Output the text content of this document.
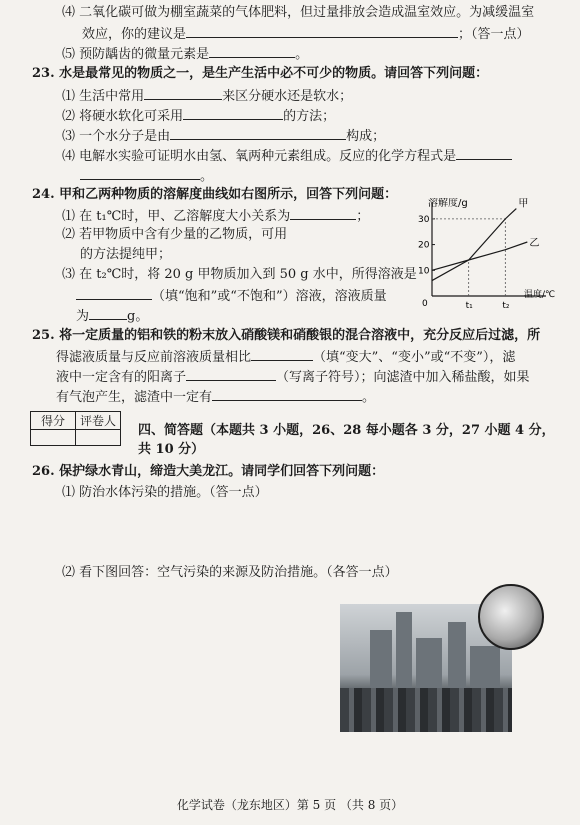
⑷ 二氧化碳可做为棚室蔬菜的气体肥料，但过量排放会造成温室效应。为减缓温室
效应，你的建议是	；（答一点）
⑸ 预防龋齿的微量元素是	。
23. 水是最常见的物质之一，是生产生活中必不可少的物质。请回答下列问题：
⑴ 生活中常用	来区分硬水还是软水；
⑵ 将硬水软化可采用	的方法；
⑶ 一个水分子是由	构成；
⑷ 电解水实验可证明水由氢、氧两种元素组成。反应的化学方程式是
。
24. 甲和乙两种物质的溶解度曲线如右图所示，回答下列问题：
⑴ 在 t₁℃时，甲、乙溶解度大小关系为	；
⑵ 若甲物质中含有少量的乙物质，可用
的方法提纯甲；
⑶ 在 t₂℃时，将 20 g 甲物质加入到 50 g 水中，所得溶液是
（填“饱和”或“不饱和”）溶液，溶液质量
为	g。
溶解度/g
温度/℃
30
20
10
0	t₁	t₂
甲
乙
25. 将一定质量的铝和铁的粉末放入硝酸镁和硝酸银的混合溶液中，充分反应后过滤，所
得滤液质量与反应前溶液质量相比	（填“变大”、“变小”或“不变”），滤
液中一定含有的阳离子	（写离子符号）；向滤渣中加入稀盐酸，如果
有气泡产生，滤渣中一定有	。
得分	评卷人

四、简答题（本题共 3 小题，26、28 每小题各 3 分，27 小题 4 分，
共 10 分）
26. 保护绿水青山，缔造大美龙江。请同学们回答下列问题：
⑴ 防治水体污染的措施。（答一点）
⑵ 看下图回答：空气污染的来源及防治措施。（各答一点）
化学试卷（龙东地区）第 5 页 （共 8 页）
